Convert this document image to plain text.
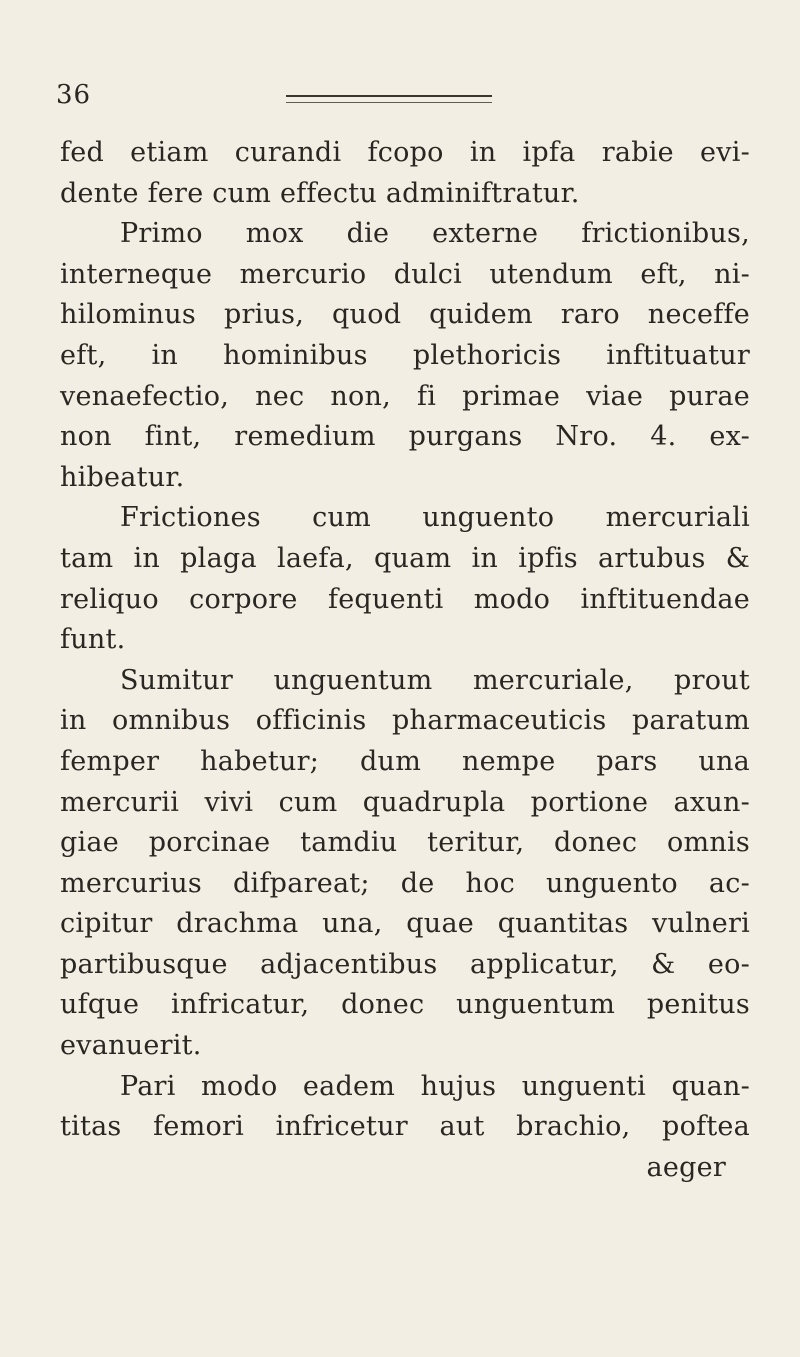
36
fed etiam curandi fcopo in ipfa rabie evi-
dente fere cum effectu adminiftratur.
Primo mox die externe frictionibus,
interneque mercurio dulci utendum eft, ni-
hilominus prius, quod quidem raro neceffe
eft, in hominibus plethoricis inftituatur
venaefectio, nec non, fi primae viae purae
non fint, remedium purgans Nro. 4. ex-
hibeatur.
Frictiones cum unguento mercuriali
tam in plaga laefa, quam in ipfis artubus &
reliquo corpore fequenti modo inftituendae
funt.
Sumitur unguentum mercuriale, prout
in omnibus officinis pharmaceuticis paratum
femper habetur; dum nempe pars una
mercurii vivi cum quadrupla portione axun-
giae porcinae tamdiu teritur, donec omnis
mercurius difpareat; de hoc unguento ac-
cipitur drachma una, quae quantitas vulneri
partibusque adjacentibus applicatur, & eo-
ufque infricatur, donec unguentum penitus
evanuerit.
Pari modo eadem hujus unguenti quan-
titas femori infricetur aut brachio, poftea
aeger
